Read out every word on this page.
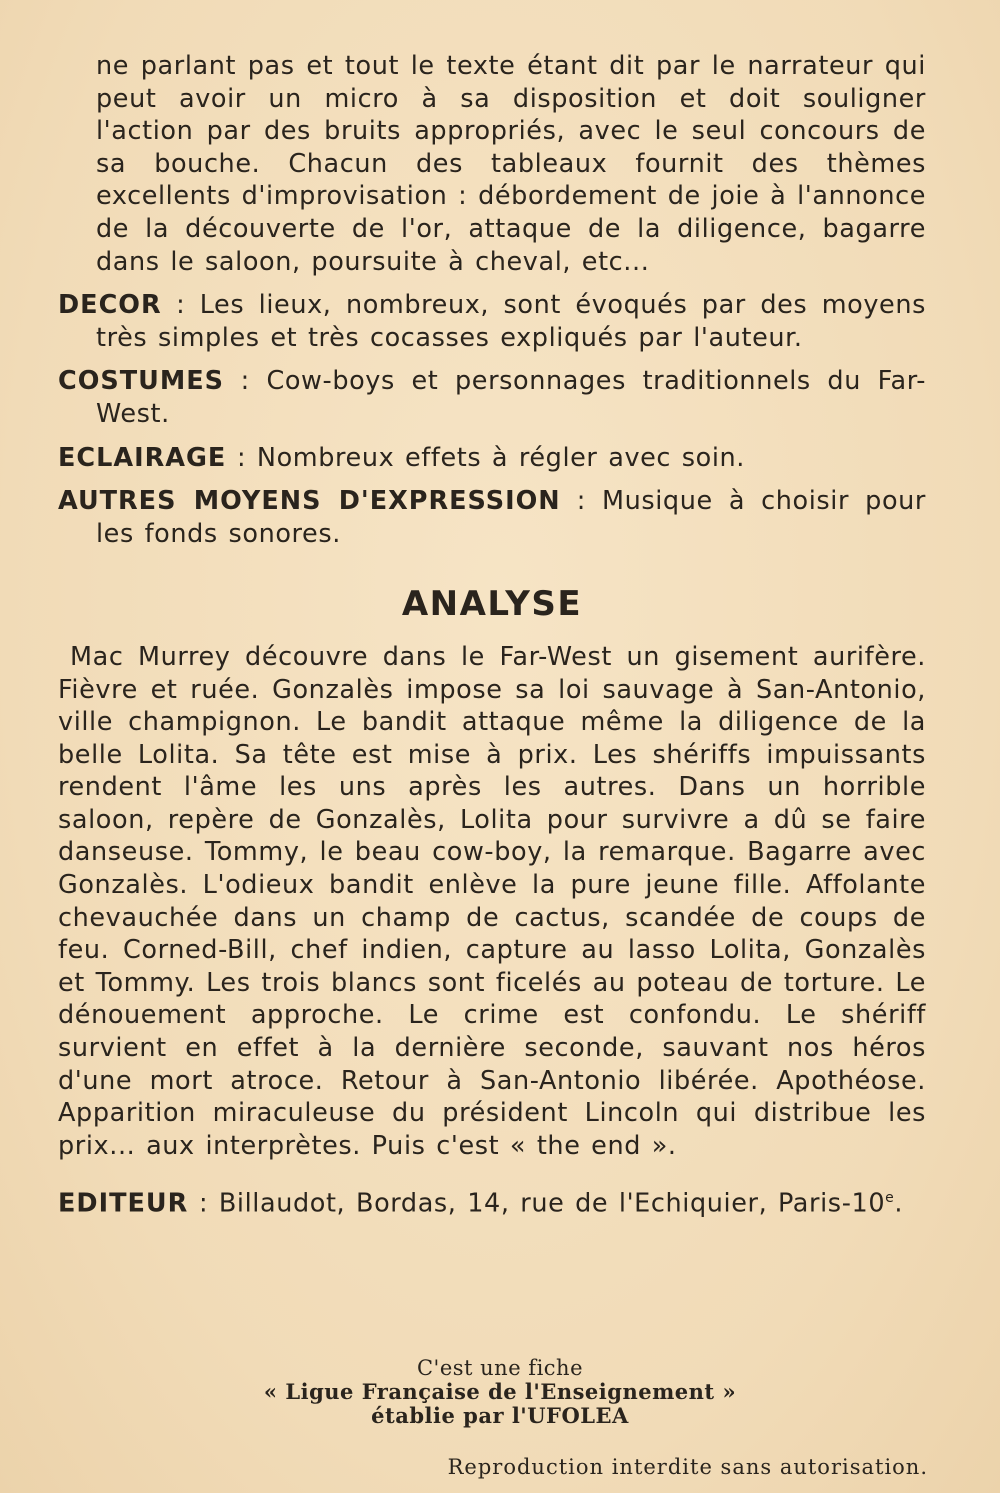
ne parlant pas et tout le texte étant dit par le narrateur qui peut avoir un micro à sa disposition et doit souligner l'action par des bruits appropriés, avec le seul concours de sa bouche. Chacun des tableaux fournit des thèmes excellents d'improvisation : débordement de joie à l'annonce de la découverte de l'or, attaque de la diligence, bagarre dans le saloon, poursuite à cheval, etc...

DECOR : Les lieux, nombreux, sont évoqués par des moyens très simples et très cocasses expliqués par l'auteur.
COSTUMES : Cow-boys et personnages traditionnels du Far-West.
ECLAIRAGE : Nombreux effets à régler avec soin.
AUTRES MOYENS D'EXPRESSION : Musique à choisir pour les fonds sonores.
ANALYSE

Mac Murrey découvre dans le Far-West un gisement aurifère. Fièvre et ruée. Gonzalès impose sa loi sauvage à San-Antonio, ville champignon. Le bandit attaque même la diligence de la belle Lolita. Sa tête est mise à prix. Les shériffs impuissants rendent l'âme les uns après les autres. Dans un horrible saloon, repère de Gonzalès, Lolita pour survivre a dû se faire danseuse. Tommy, le beau cow-boy, la remarque. Bagarre avec Gonzalès. L'odieux bandit enlève la pure jeune fille. Affolante chevauchée dans un champ de cactus, scandée de coups de feu. Corned-Bill, chef indien, capture au lasso Lolita, Gonzalès et Tommy. Les trois blancs sont ficelés au poteau de torture. Le dénouement approche. Le crime est confondu. Le shériff survient en effet à la dernière seconde, sauvant nos héros d'une mort atroce. Retour à San-Antonio libérée. Apothéose. Apparition miraculeuse du président Lincoln qui distribue les prix... aux interprètes. Puis c'est « the end ».

EDITEUR : Billaudot, Bordas, 14, rue de l'Echiquier, Paris-10e.
C'est une fiche
« Ligue Française de l'Enseignement »
établie par l'UFOLEA
Reproduction interdite sans autorisation.
